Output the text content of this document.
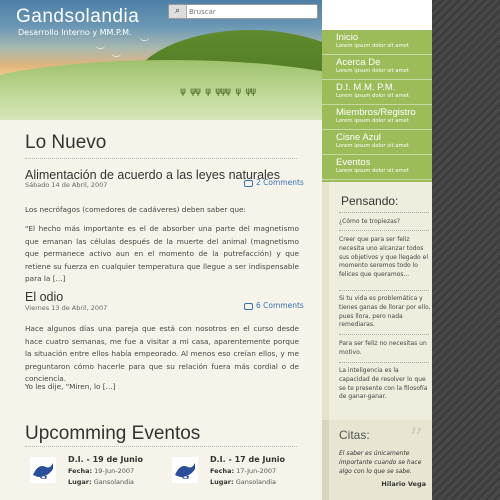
ψ ψψ ψ ψψψ ψ ψψ
︶
︶
︶
Gandsolandia
Desarrollo Interno y MM.P.M.
⌕
Bruscar
Inicio
Lorem ipsum dolor sit amet
Acerca De
Lorem ipsum dolor sit amet
D.I. M.M. P.M.
Lorem ipsum dolor sit amet
Miembros/Registro
Lorem ipsum dolor sit amet
Cisne Azul
Lorem ipsum dolor sit amet
Eventos
Lorem ipsum dolor sit amet
Lo Nuevo
Alimentación de acuerdo a las leyes naturales
Sábado 14 de Abril, 2007	2 Comments
Los necrófagos (comedores de cadáveres) deben saber que:
"El hecho más importante es el de absorber una parte del magnetismo que emanan las células después de la muerte del animal (magnetismo que permanece activo aun en el momento de la putrefacción) y que retiene su fuerza en cualquier temperatura que llegue a ser indispensable para la [...]
El odio
Viernes 13 de Abril, 2007	6 Comments
Hace algunos días una pareja que está con nosotros en el curso desde hace cuatro semanas, me fue a visitar a mi casa, aparentemente porque la situación entre ellos había empeorado. Al menos eso creían ellos, y me preguntaron cómo hacerle para que su relación fuera más cordial o de conciencia.
Yo les dije, "Miren, lo [...]
Upcomming Eventos
G
D.I. - 19 de Junio
Fecha: 19-Jun-2007
Lugar: Gansolandia	G
D.I. - 17 de Junio
Fecha: 17-Jun-2007
Lugar: Gansolandia
Pensando:
¿Cómo te tropiezas?
Creer que para ser feliz necesita uno alcanzar todos sus objetivos y que llegado el momento seremos todo lo felices que queramos...
Si tu vida es problemática y tienes ganas de llorar por ello, pues llora, pero nada remediaras.
Para ser feliz no necesitas un motivo.
La inteligencia es la capacidad de resolver lo que se te presente con la filosofía de ganar-ganar.
Citas: ”
El saber es únicamente importante cuando se hace algo con lo que se sabe.
Hilario Vega
